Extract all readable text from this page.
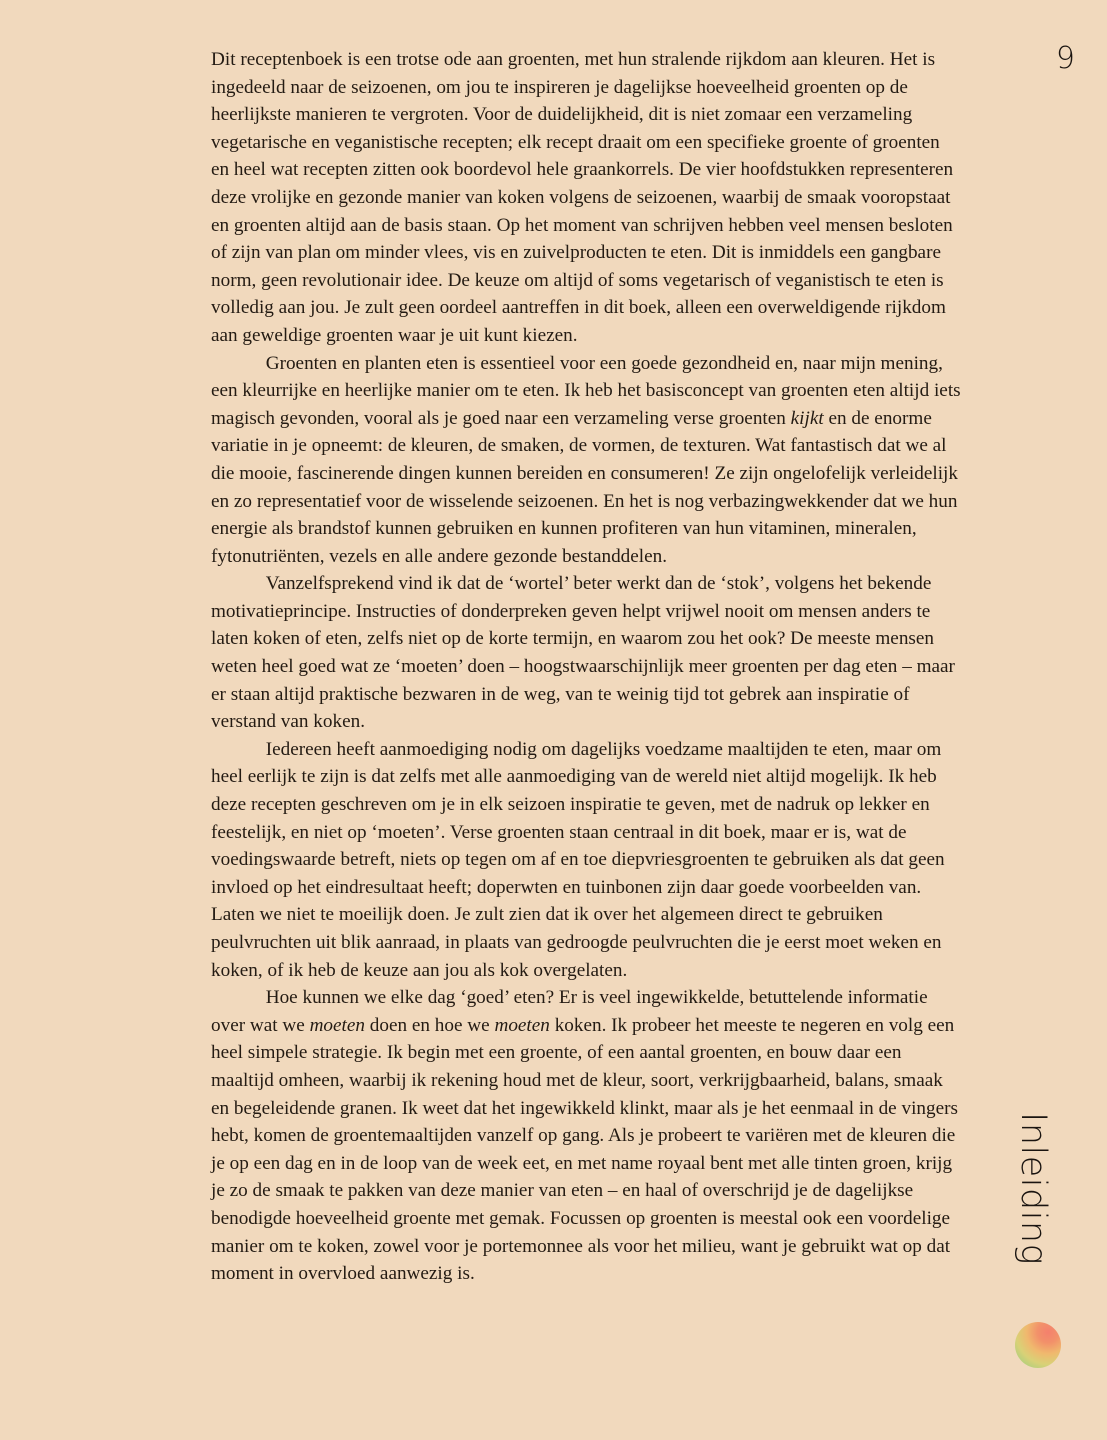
9

Dit receptenboek is een trotse ode aan groenten, met hun stralende rijkdom aan kleuren. Het is ingedeeld naar de seizoenen, om jou te inspireren je dagelijkse hoeveelheid groenten op de heerlijkste manieren te vergroten. Voor de duidelijkheid, dit is niet zomaar een verzameling vegetarische en veganistische recepten; elk recept draait om een specifieke groente of groenten en heel wat recepten zitten ook boordevol hele graankorrels. De vier hoofdstukken representeren deze vrolijke en gezonde manier van koken volgens de seizoenen, waarbij de smaak vooropstaat en groenten altijd aan de basis staan. Op het moment van schrijven hebben veel mensen besloten of zijn van plan om minder vlees, vis en zuivelproducten te eten. Dit is inmiddels een gangbare norm, geen revolutionair idee. De keuze om altijd of soms vegetarisch of veganistisch te eten is volledig aan jou. Je zult geen oordeel aantreffen in dit boek, alleen een overweldigende rijkdom aan geweldige groenten waar je uit kunt kiezen.

Groenten en planten eten is essentieel voor een goede gezondheid en, naar mijn mening, een kleurrijke en heerlijke manier om te eten. Ik heb het basisconcept van groenten eten altijd iets magisch gevonden, vooral als je goed naar een verzameling verse groenten kijkt en de enorme variatie in je opneemt: de kleuren, de smaken, de vormen, de texturen. Wat fantastisch dat we al die mooie, fascinerende dingen kunnen bereiden en consumeren! Ze zijn ongelofelijk verleidelijk en zo representatief voor de wisselende seizoenen. En het is nog verbazingwekkender dat we hun energie als brandstof kunnen gebruiken en kunnen profiteren van hun vitaminen, mineralen, fytonutriënten, vezels en alle andere gezonde bestanddelen.

Vanzelfsprekend vind ik dat de ‘wortel’ beter werkt dan de ‘stok’, volgens het bekende motivatieprincipe. Instructies of donderpreken geven helpt vrijwel nooit om mensen anders te laten koken of eten, zelfs niet op de korte termijn, en waarom zou het ook? De meeste mensen weten heel goed wat ze ‘moeten’ doen – hoogstwaarschijnlijk meer groenten per dag eten – maar er staan altijd praktische bezwaren in de weg, van te weinig tijd tot gebrek aan inspiratie of verstand van koken.

Iedereen heeft aanmoediging nodig om dagelijks voedzame maaltijden te eten, maar om heel eerlijk te zijn is dat zelfs met alle aanmoediging van de wereld niet altijd mogelijk. Ik heb deze recepten geschreven om je in elk seizoen inspiratie te geven, met de nadruk op lekker en feestelijk, en niet op ‘moeten’. Verse groenten staan centraal in dit boek, maar er is, wat de voedingswaarde betreft, niets op tegen om af en toe diepvriesgroenten te gebruiken als dat geen invloed op het eindresultaat heeft; doperwten en tuinbonen zijn daar goede voorbeelden van. Laten we niet te moeilijk doen. Je zult zien dat ik over het algemeen direct te gebruiken peulvruchten uit blik aanraad, in plaats van gedroogde peulvruchten die je eerst moet weken en koken, of ik heb de keuze aan jou als kok overgelaten.

Hoe kunnen we elke dag ‘goed’ eten? Er is veel ingewikkelde, betuttelende informatie over wat we moeten doen en hoe we moeten koken. Ik probeer het meeste te negeren en volg een heel simpele strategie. Ik begin met een groente, of een aantal groenten, en bouw daar een maaltijd omheen, waarbij ik rekening houd met de kleur, soort, verkrijgbaarheid, balans, smaak en begeleidende granen. Ik weet dat het ingewikkeld klinkt, maar als je het eenmaal in de vingers hebt, komen de groentemaaltijden vanzelf op gang. Als je probeert te variëren met de kleuren die je op een dag en in de loop van de week eet, en met name royaal bent met alle tinten groen, krijg je zo de smaak te pakken van deze manier van eten – en haal of overschrijd je de dagelijkse benodigde hoeveelheid groente met gemak. Focussen op groenten is meestal ook een voordelige manier om te koken, zowel voor je portemonnee als voor het milieu, want je gebruikt wat op dat moment in overvloed aanwezig is.

Inleiding
